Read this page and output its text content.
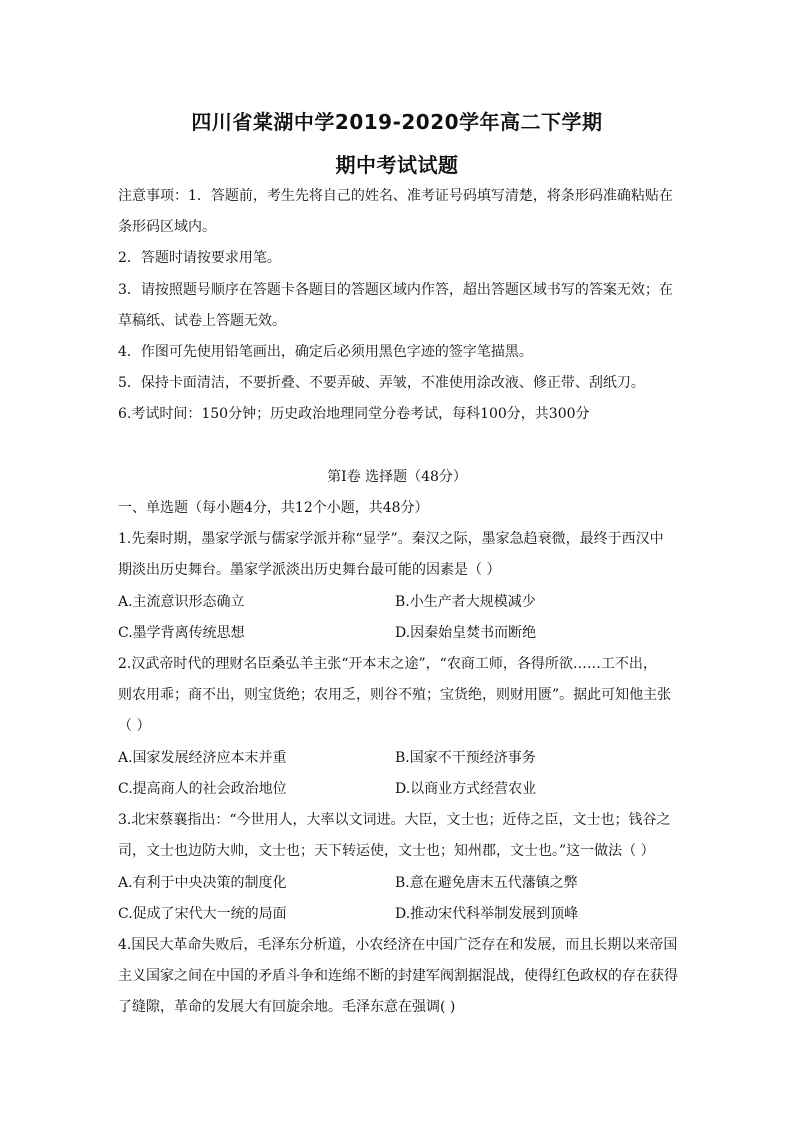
四川省棠湖中学2019-2020学年高二下学期
期中考试试题
注意事项：1．答题前，考生先将自己的姓名、准考证号码填写清楚，将条形码准确粘贴在
条形码区域内。
2．答题时请按要求用笔。
3．请按照题号顺序在答题卡各题目的答题区域内作答，超出答题区域书写的答案无效；在
草稿纸、试卷上答题无效。
4．作图可先使用铅笔画出，确定后必须用黑色字迹的签字笔描黑。
5．保持卡面清洁，不要折叠、不要弄破、弄皱，不准使用涂改液、修正带、刮纸刀。
6.考试时间：150分钟；历史政治地理同堂分卷考试，每科100分，共300分
第Ⅰ卷 选择题（48分）
一、单选题（每小题4分，共12个小题，共48分）
1.先秦时期，墨家学派与儒家学派并称“显学”。秦汉之际，墨家急趋衰微，最终于西汉中
期淡出历史舞台。墨家学派淡出历史舞台最可能的因素是（ ）
A.主流意识形态确立	B.小生产者大规模减少
C.墨学背离传统思想	D.因秦始皇焚书而断绝
2.汉武帝时代的理财名臣桑弘羊主张“开本末之途”，“农商工师，各得所欲……工不出，
则农用乖；商不出，则宝货绝；农用乏，则谷不殖；宝货绝，则财用匮”。据此可知他主张
（ ）
A.国家发展经济应本末并重	B.国家不干预经济事务
C.提高商人的社会政治地位	D.以商业方式经营农业
3.北宋蔡襄指出：“今世用人，大率以文词进。大臣，文士也；近侍之臣，文士也；钱谷之
司，文士也边防大帅，文士也；天下转运使，文士也；知州郡，文士也。”这一做法（ ）
A.有利于中央决策的制度化	B.意在避免唐末五代藩镇之弊
C.促成了宋代大一统的局面	D.推动宋代科举制发展到顶峰
4.国民大革命失败后，毛泽东分析道，小农经济在中国广泛存在和发展，而且长期以来帝国
主义国家之间在中国的矛盾斗争和连绵不断的封建军阀割据混战，使得红色政权的存在获得
了缝隙，革命的发展大有回旋余地。毛泽东意在强调( )
